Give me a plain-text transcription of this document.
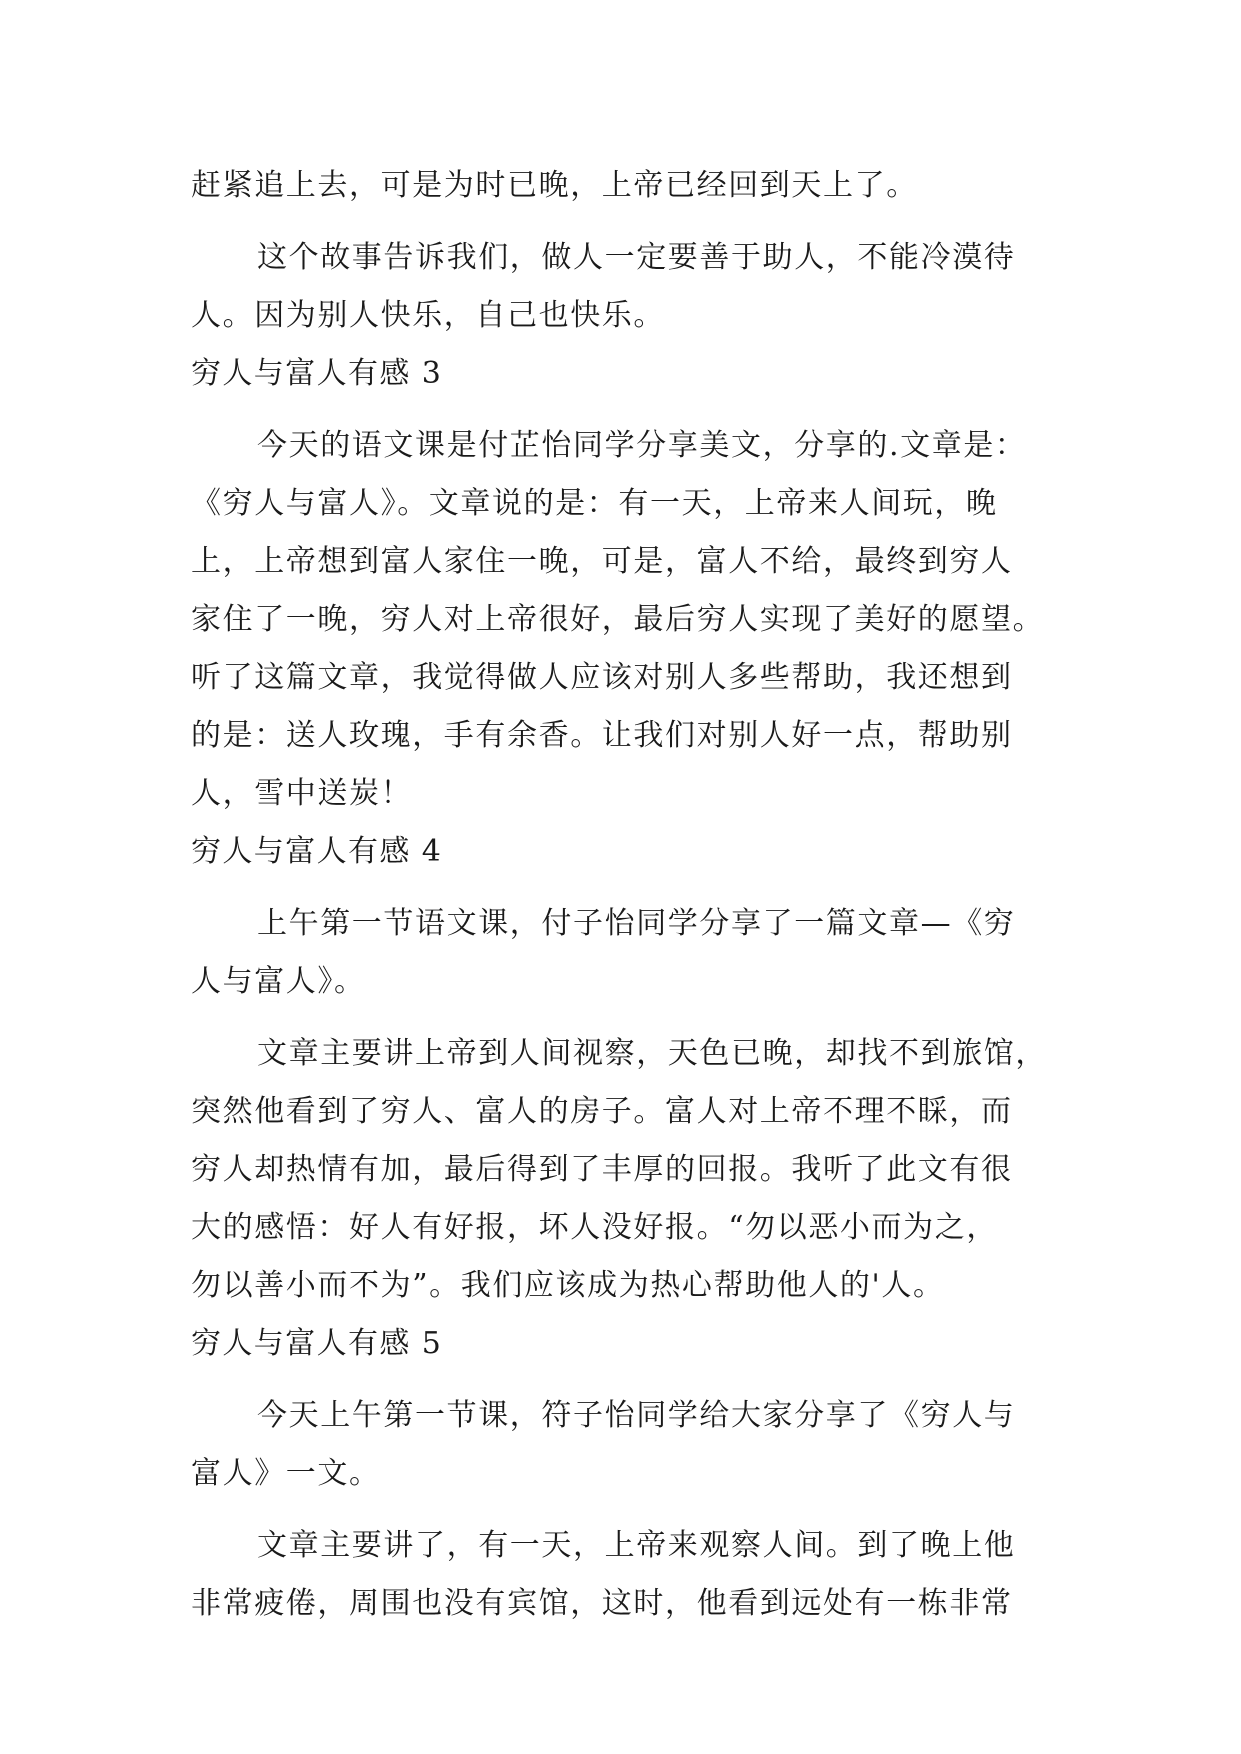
赶紧追上去，可是为时已晚，上帝已经回到天上了。
这个故事告诉我们，做人一定要善于助人，不能冷漠待
人。因为别人快乐，自己也快乐。
穷人与富人有感 3
今天的语文课是付芷怡同学分享美文，分享的.文章是：
《穷人与富人》。文章说的是：有一天，上帝来人间玩，晚
上，上帝想到富人家住一晚，可是，富人不给，最终到穷人
家住了一晚，穷人对上帝很好，最后穷人实现了美好的愿望。
听了这篇文章，我觉得做人应该对别人多些帮助，我还想到
的是：送人玫瑰，手有余香。让我们对别人好一点，帮助别
人，雪中送炭！
穷人与富人有感 4
上午第一节语文课，付子怡同学分享了一篇文章—《穷
人与富人》。
文章主要讲上帝到人间视察，天色已晚，却找不到旅馆，
突然他看到了穷人、富人的房子。富人对上帝不理不睬，而
穷人却热情有加，最后得到了丰厚的回报。我听了此文有很
大的感悟：好人有好报，坏人没好报。“勿以恶小而为之，
勿以善小而不为”。我们应该成为热心帮助他人的'人。
穷人与富人有感 5
今天上午第一节课，符子怡同学给大家分享了《穷人与
富人》一文。
文章主要讲了，有一天，上帝来观察人间。到了晚上他
非常疲倦，周围也没有宾馆，这时，他看到远处有一栋非常
